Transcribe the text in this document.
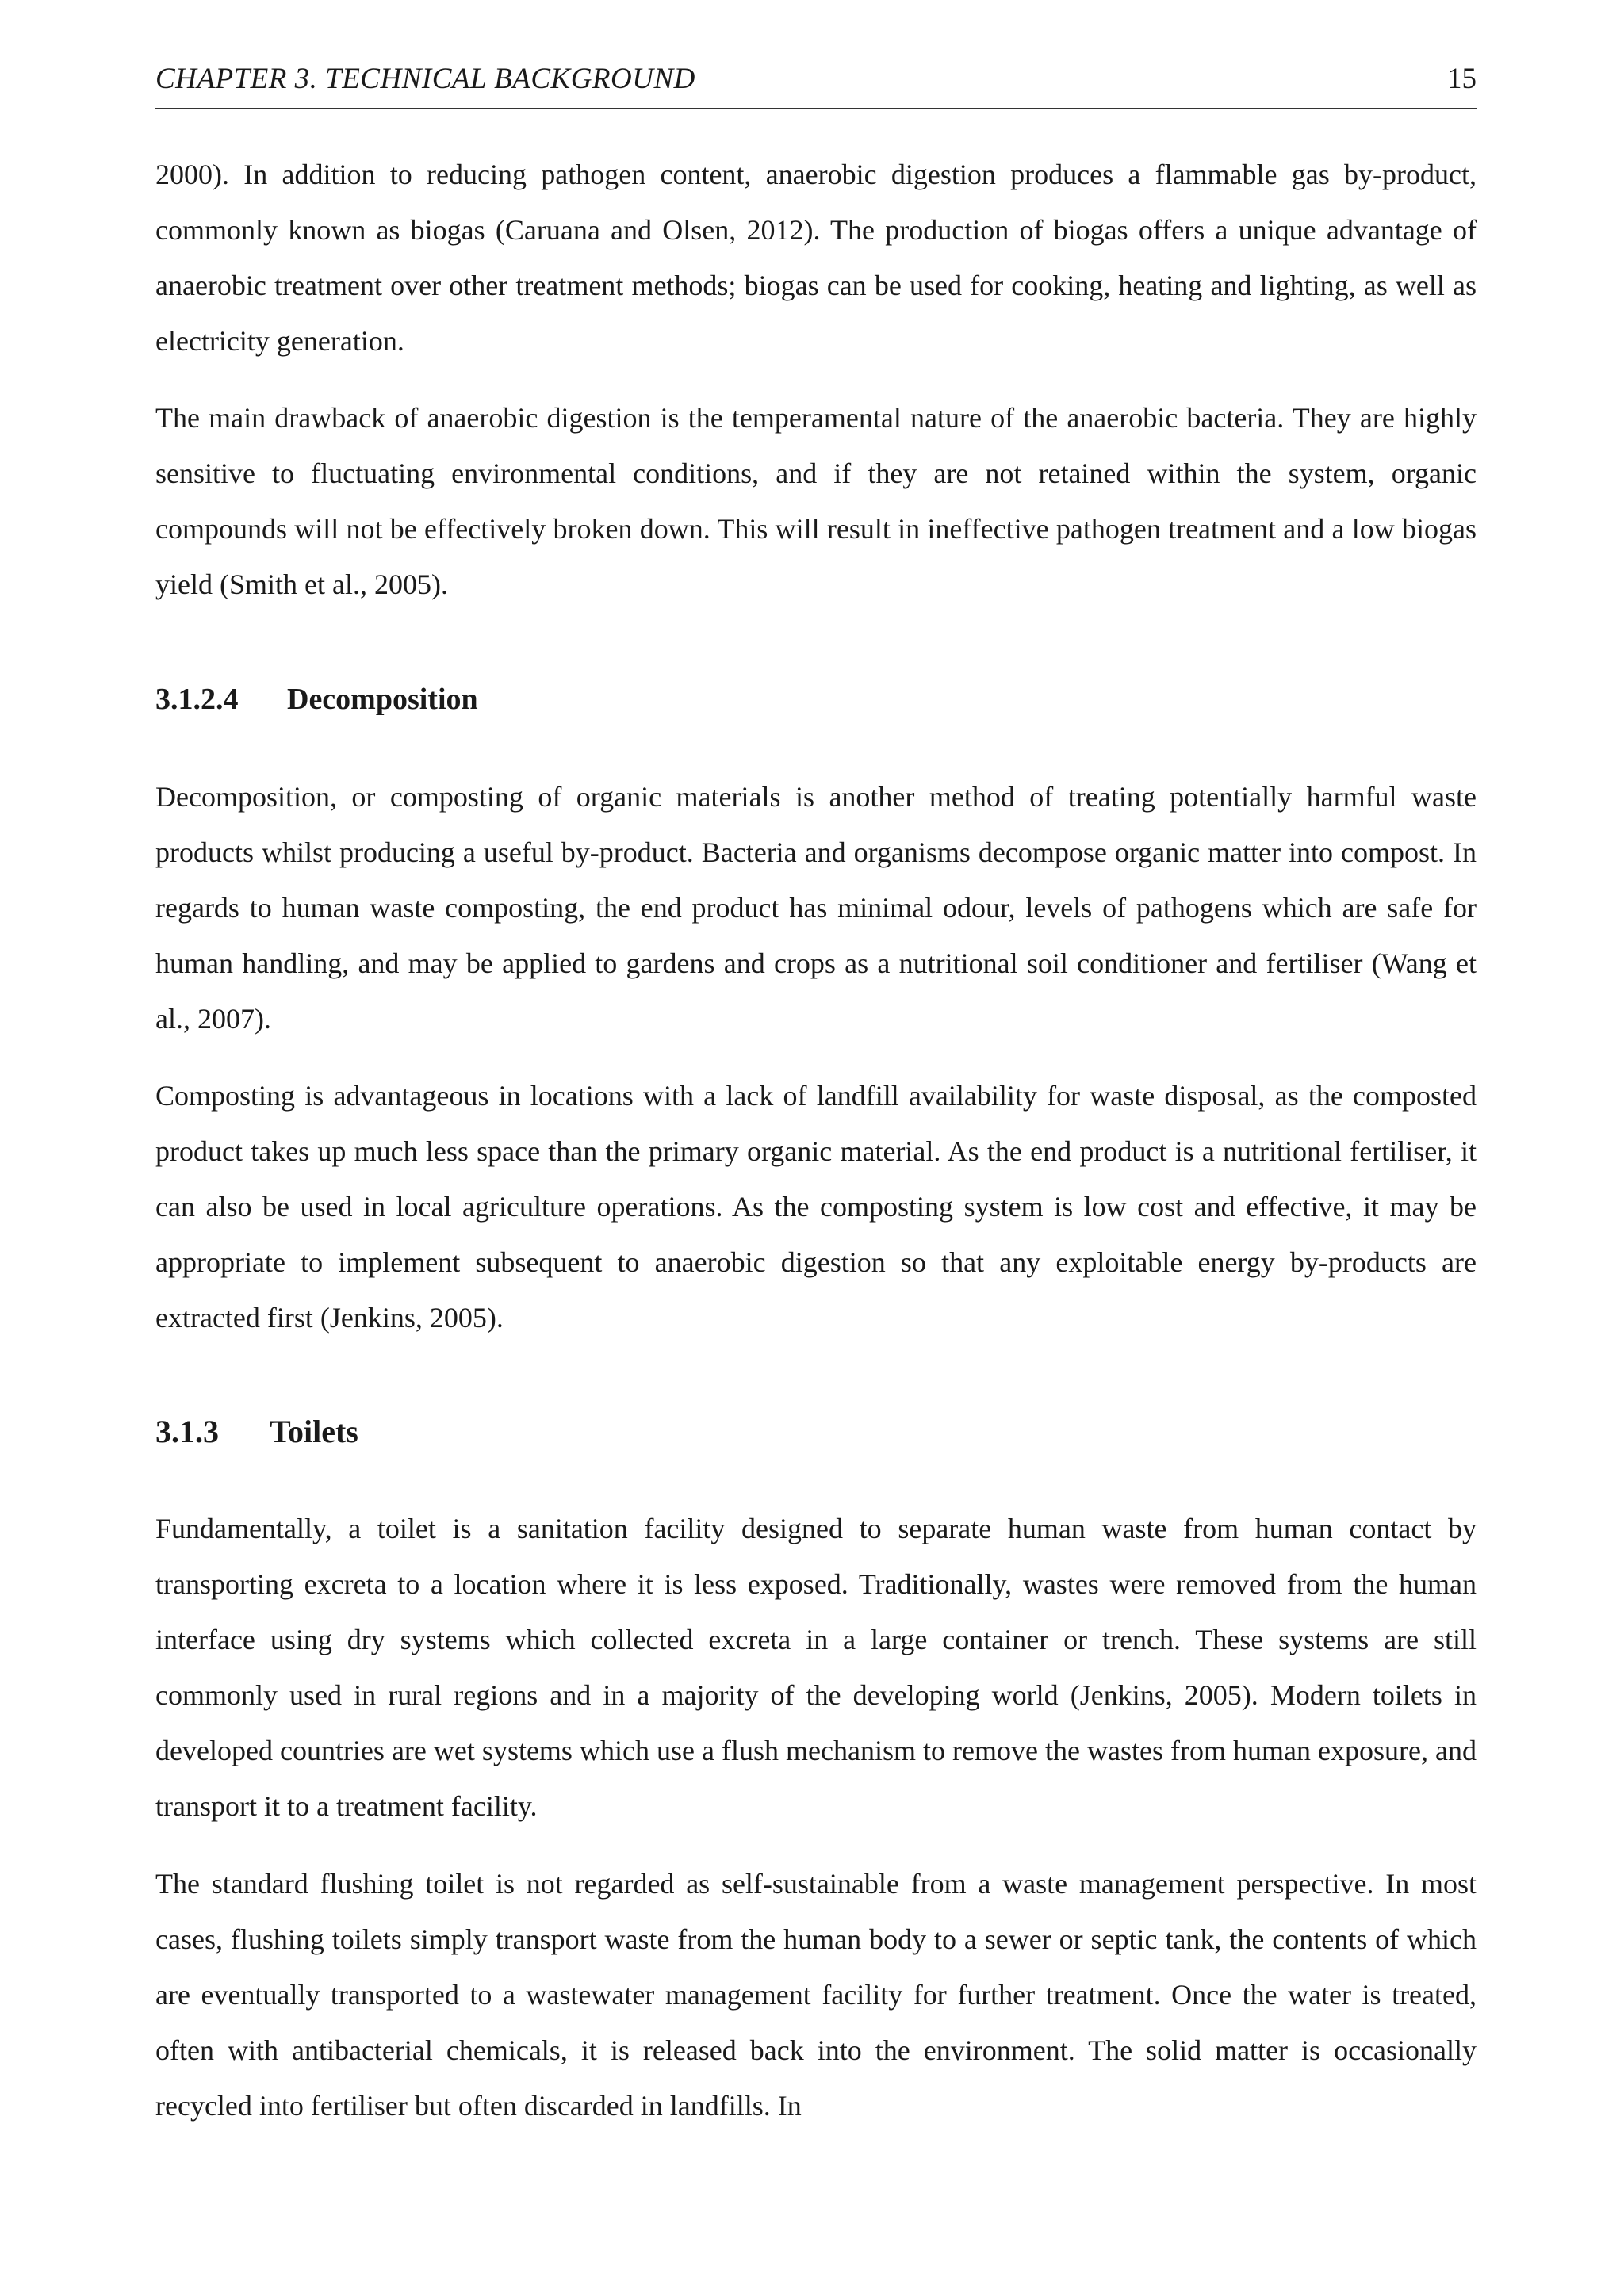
CHAPTER 3. TECHNICAL BACKGROUND	15

2000). In addition to reducing pathogen content, anaerobic digestion produces a flammable gas by-product, commonly known as biogas (Caruana and Olsen, 2012). The production of biogas offers a unique advantage of anaerobic treatment over other treatment methods; biogas can be used for cooking, heating and lighting, as well as electricity generation.

The main drawback of anaerobic digestion is the temperamental nature of the anaerobic bacteria. They are highly sensitive to fluctuating environmental conditions, and if they are not retained within the system, organic compounds will not be effectively broken down. This will result in ineffective pathogen treatment and a low biogas yield (Smith et al., 2005).

3.1.2.4 Decomposition

Decomposition, or composting of organic materials is another method of treating potentially harmful waste products whilst producing a useful by-product. Bacteria and organisms decompose organic matter into compost. In regards to human waste composting, the end product has minimal odour, levels of pathogens which are safe for human handling, and may be applied to gardens and crops as a nutritional soil conditioner and fertiliser (Wang et al., 2007).

Composting is advantageous in locations with a lack of landfill availability for waste disposal, as the composted product takes up much less space than the primary organic material. As the end product is a nutritional fertiliser, it can also be used in local agriculture operations. As the composting system is low cost and effective, it may be appropriate to implement subsequent to anaerobic digestion so that any exploitable energy by-products are extracted first (Jenkins, 2005).

3.1.3 Toilets

Fundamentally, a toilet is a sanitation facility designed to separate human waste from human contact by transporting excreta to a location where it is less exposed. Traditionally, wastes were removed from the human interface using dry systems which collected excreta in a large container or trench. These systems are still commonly used in rural regions and in a majority of the developing world (Jenkins, 2005). Modern toilets in developed countries are wet systems which use a flush mechanism to remove the wastes from human exposure, and transport it to a treatment facility.

The standard flushing toilet is not regarded as self-sustainable from a waste management perspective. In most cases, flushing toilets simply transport waste from the human body to a sewer or septic tank, the contents of which are eventually transported to a wastewater management facility for further treatment. Once the water is treated, often with antibacterial chemicals, it is released back into the environment. The solid matter is occasionally recycled into fertiliser but often discarded in landfills. In
